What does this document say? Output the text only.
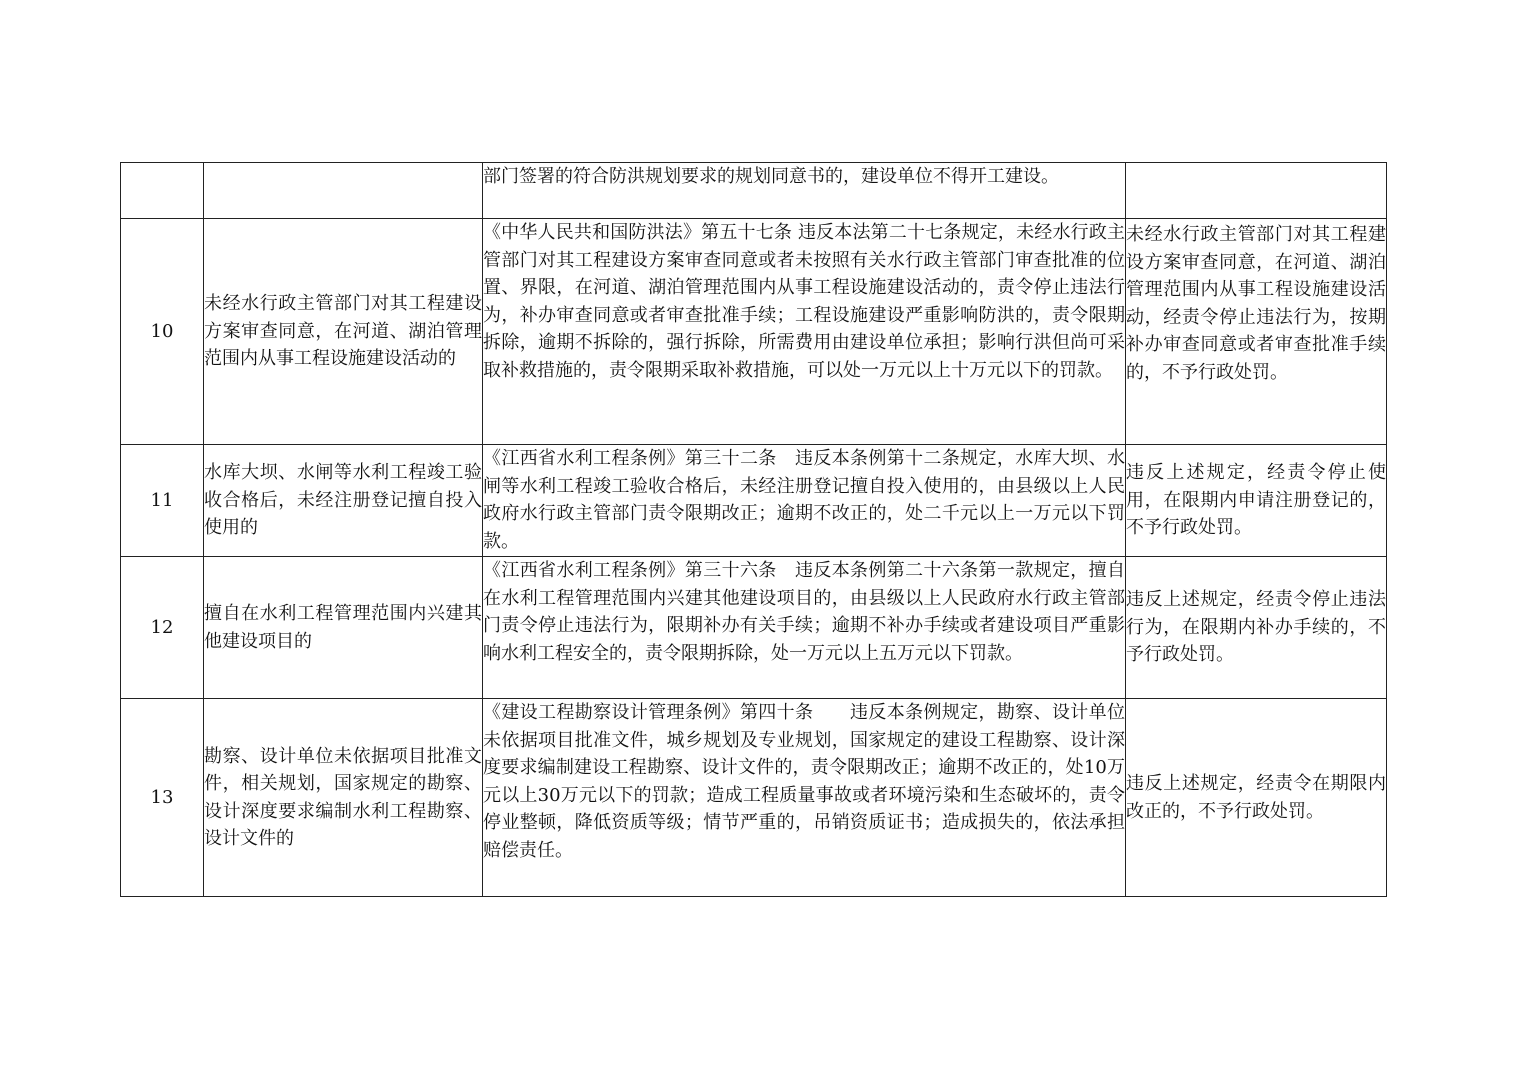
		部门签署的符合防洪规划要求的规划同意书的，建设单位不得开工建设。	
10	未经水行政主管部门对其工程建设方案审查同意，在河道、湖泊管理范围内从事工程设施建设活动的	《中华人民共和国防洪法》第五十七条 违反本法第二十七条规定，未经水行政主管部门对其工程建设方案审查同意或者未按照有关水行政主管部门审查批准的位置、界限，在河道、湖泊管理范围内从事工程设施建设活动的，责令停止违法行为，补办审查同意或者审查批准手续；工程设施建设严重影响防洪的，责令限期拆除，逾期不拆除的，强行拆除，所需费用由建设单位承担；影响行洪但尚可采取补救措施的，责令限期采取补救措施，可以处一万元以上十万元以下的罚款。	未经水行政主管部门对其工程建设方案审查同意，在河道、湖泊管理范围内从事工程设施建设活动，经责令停止违法行为，按期补办审查同意或者审查批准手续的，不予行政处罚。
11	水库大坝、水闸等水利工程竣工验收合格后，未经注册登记擅自投入使用的	《江西省水利工程条例》第三十二条　违反本条例第十二条规定，水库大坝、水闸等水利工程竣工验收合格后，未经注册登记擅自投入使用的，由县级以上人民政府水行政主管部门责令限期改正；逾期不改正的，处二千元以上一万元以下罚款。	违反上述规定，经责令停止使用，在限期内申请注册登记的，不予行政处罚。
12	擅自在水利工程管理范围内兴建其他建设项目的	《江西省水利工程条例》第三十六条　违反本条例第二十六条第一款规定，擅自在水利工程管理范围内兴建其他建设项目的，由县级以上人民政府水行政主管部门责令停止违法行为，限期补办有关手续；逾期不补办手续或者建设项目严重影响水利工程安全的，责令限期拆除，处一万元以上五万元以下罚款。	违反上述规定，经责令停止违法行为，在限期内补办手续的，不予行政处罚。
13	勘察、设计单位未依据项目批准文件，相关规划，国家规定的勘察、设计深度要求编制水利工程勘察、设计文件的	《建设工程勘察设计管理条例》第四十条　　违反本条例规定，勘察、设计单位未依据项目批准文件，城乡规划及专业规划，国家规定的建设工程勘察、设计深度要求编制建设工程勘察、设计文件的，责令限期改正；逾期不改正的，处10万元以上30万元以下的罚款；造成工程质量事故或者环境污染和生态破坏的，责令停业整顿，降低资质等级；情节严重的，吊销资质证书；造成损失的，依法承担赔偿责任。	违反上述规定，经责令在期限内改正的，不予行政处罚。
